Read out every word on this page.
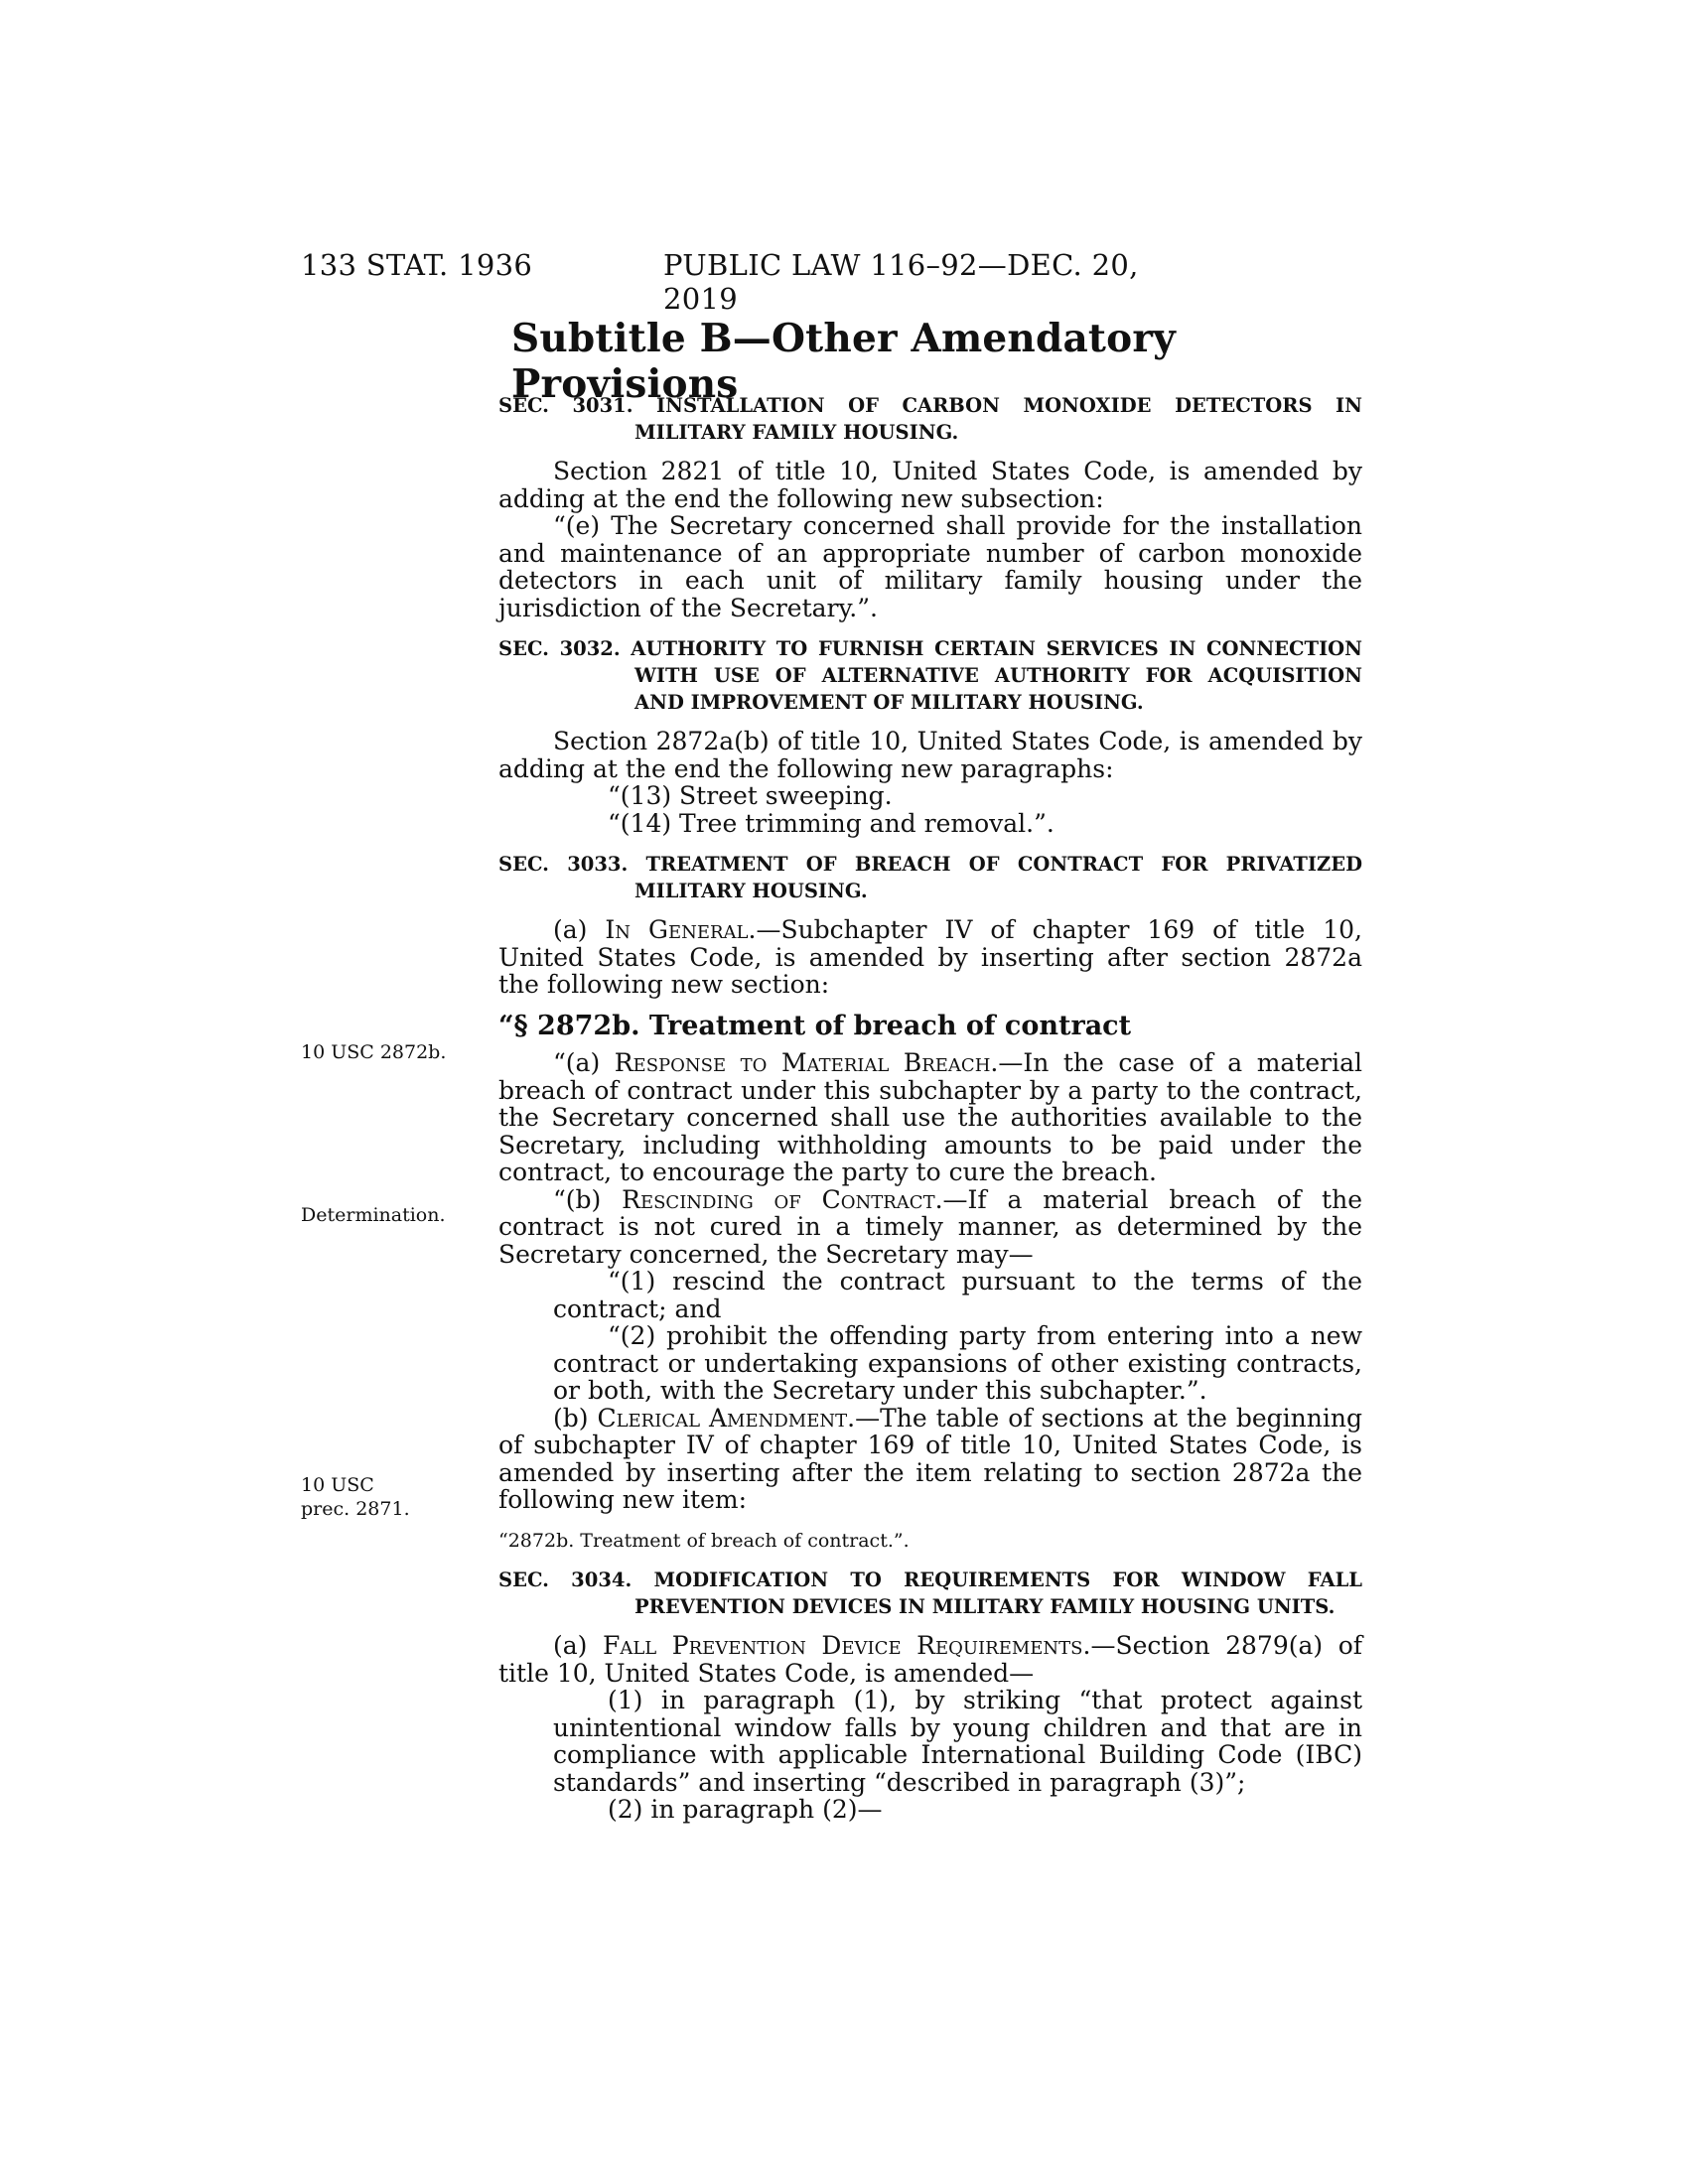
133 STAT. 1936	PUBLIC LAW 116–92—DEC. 20, 2019
Subtitle B—Other Amendatory Provisions
10 USC 2872b.
Determination.
10 USC
prec. 2871.
SEC. 3031. INSTALLATION OF CARBON MONOXIDE DETECTORS IN MILITARY FAMILY HOUSING.

Section 2821 of title 10, United States Code, is amended by adding at the end the following new subsection:

“(e) The Secretary concerned shall provide for the installation and maintenance of an appropriate number of carbon monoxide detectors in each unit of military family housing under the jurisdiction of the Secretary.”.

SEC. 3032. AUTHORITY TO FURNISH CERTAIN SERVICES IN CONNECTION WITH USE OF ALTERNATIVE AUTHORITY FOR ACQUISITION AND IMPROVEMENT OF MILITARY HOUSING.

Section 2872a(b) of title 10, United States Code, is amended by adding at the end the following new paragraphs:

“(13) Street sweeping.

“(14) Tree trimming and removal.”.

SEC. 3033. TREATMENT OF BREACH OF CONTRACT FOR PRIVATIZED MILITARY HOUSING.

(a) In General.—Subchapter IV of chapter 169 of title 10, United States Code, is amended by inserting after section 2872a the following new section:

“§ 2872b. Treatment of breach of contract

“(a) Response to Material Breach.—In the case of a material breach of contract under this subchapter by a party to the contract, the Secretary concerned shall use the authorities available to the Secretary, including withholding amounts to be paid under the contract, to encourage the party to cure the breach.

“(b) Rescinding of Contract.—If a material breach of the contract is not cured in a timely manner, as determined by the Secretary concerned, the Secretary may—

“(1) rescind the contract pursuant to the terms of the contract; and

“(2) prohibit the offending party from entering into a new contract or undertaking expansions of other existing contracts, or both, with the Secretary under this subchapter.”.

(b) Clerical Amendment.—The table of sections at the beginning of subchapter IV of chapter 169 of title 10, United States Code, is amended by inserting after the item relating to section 2872a the following new item:

“2872b. Treatment of breach of contract.”.
SEC. 3034. MODIFICATION TO REQUIREMENTS FOR WINDOW FALL PREVENTION DEVICES IN MILITARY FAMILY HOUSING UNITS.

(a) Fall Prevention Device Requirements.—Section 2879(a) of title 10, United States Code, is amended—

(1) in paragraph (1), by striking “that protect against unintentional window falls by young children and that are in compliance with applicable International Building Code (IBC) standards” and inserting “described in paragraph (3)”;

(2) in paragraph (2)—
